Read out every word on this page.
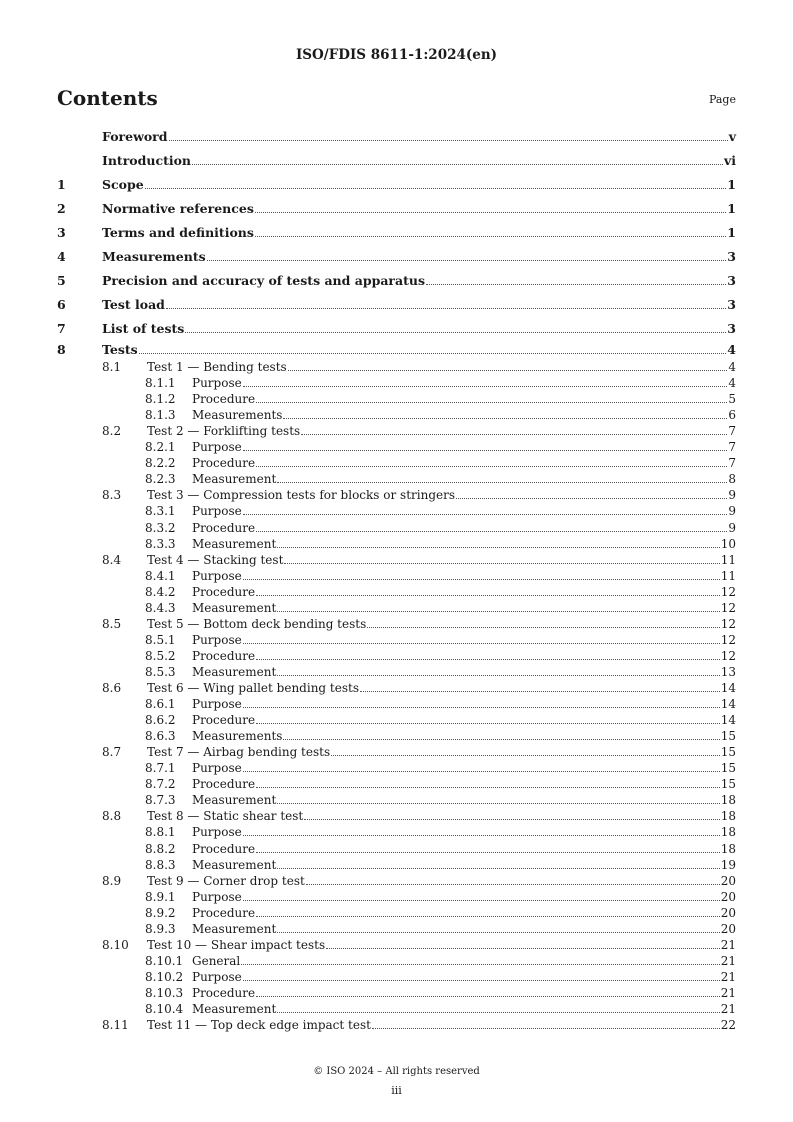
ISO/FDIS 8611-1:2024(en)
Contents	Page
Foreword	v
Introduction	vi
1	Scope	1
2	Normative references	1
3	Terms and definitions	1
4	Measurements	3
5	Precision and accuracy of tests and apparatus	3
6	Test load	3
7	List of tests	3
8	Tests	4
8.1	Test 1 — Bending tests	4
8.1.1	Purpose	4
8.1.2	Procedure	5
8.1.3	Measurements	6
8.2	Test 2 — Forklifting tests	7
8.2.1	Purpose	7
8.2.2	Procedure	7
8.2.3	Measurement	8
8.3	Test 3 — Compression tests for blocks or stringers	9
8.3.1	Purpose	9
8.3.2	Procedure	9
8.3.3	Measurement	10
8.4	Test 4 — Stacking test	11
8.4.1	Purpose	11
8.4.2	Procedure	12
8.4.3	Measurement	12
8.5	Test 5 — Bottom deck bending tests	12
8.5.1	Purpose	12
8.5.2	Procedure	12
8.5.3	Measurement	13
8.6	Test 6 — Wing pallet bending tests	14
8.6.1	Purpose	14
8.6.2	Procedure	14
8.6.3	Measurements	15
8.7	Test 7 — Airbag bending tests	15
8.7.1	Purpose	15
8.7.2	Procedure	15
8.7.3	Measurement	18
8.8	Test 8 — Static shear test	18
8.8.1	Purpose	18
8.8.2	Procedure	18
8.8.3	Measurement	19
8.9	Test 9 — Corner drop test	20
8.9.1	Purpose	20
8.9.2	Procedure	20
8.9.3	Measurement	20
8.10	Test 10 — Shear impact tests	21
8.10.1 General	21
8.10.2 Purpose	21
8.10.3 Procedure	21
8.10.4 Measurement	21
8.11	Test 11 — Top deck edge impact test	22
© ISO 2024 – All rights reserved
iii
